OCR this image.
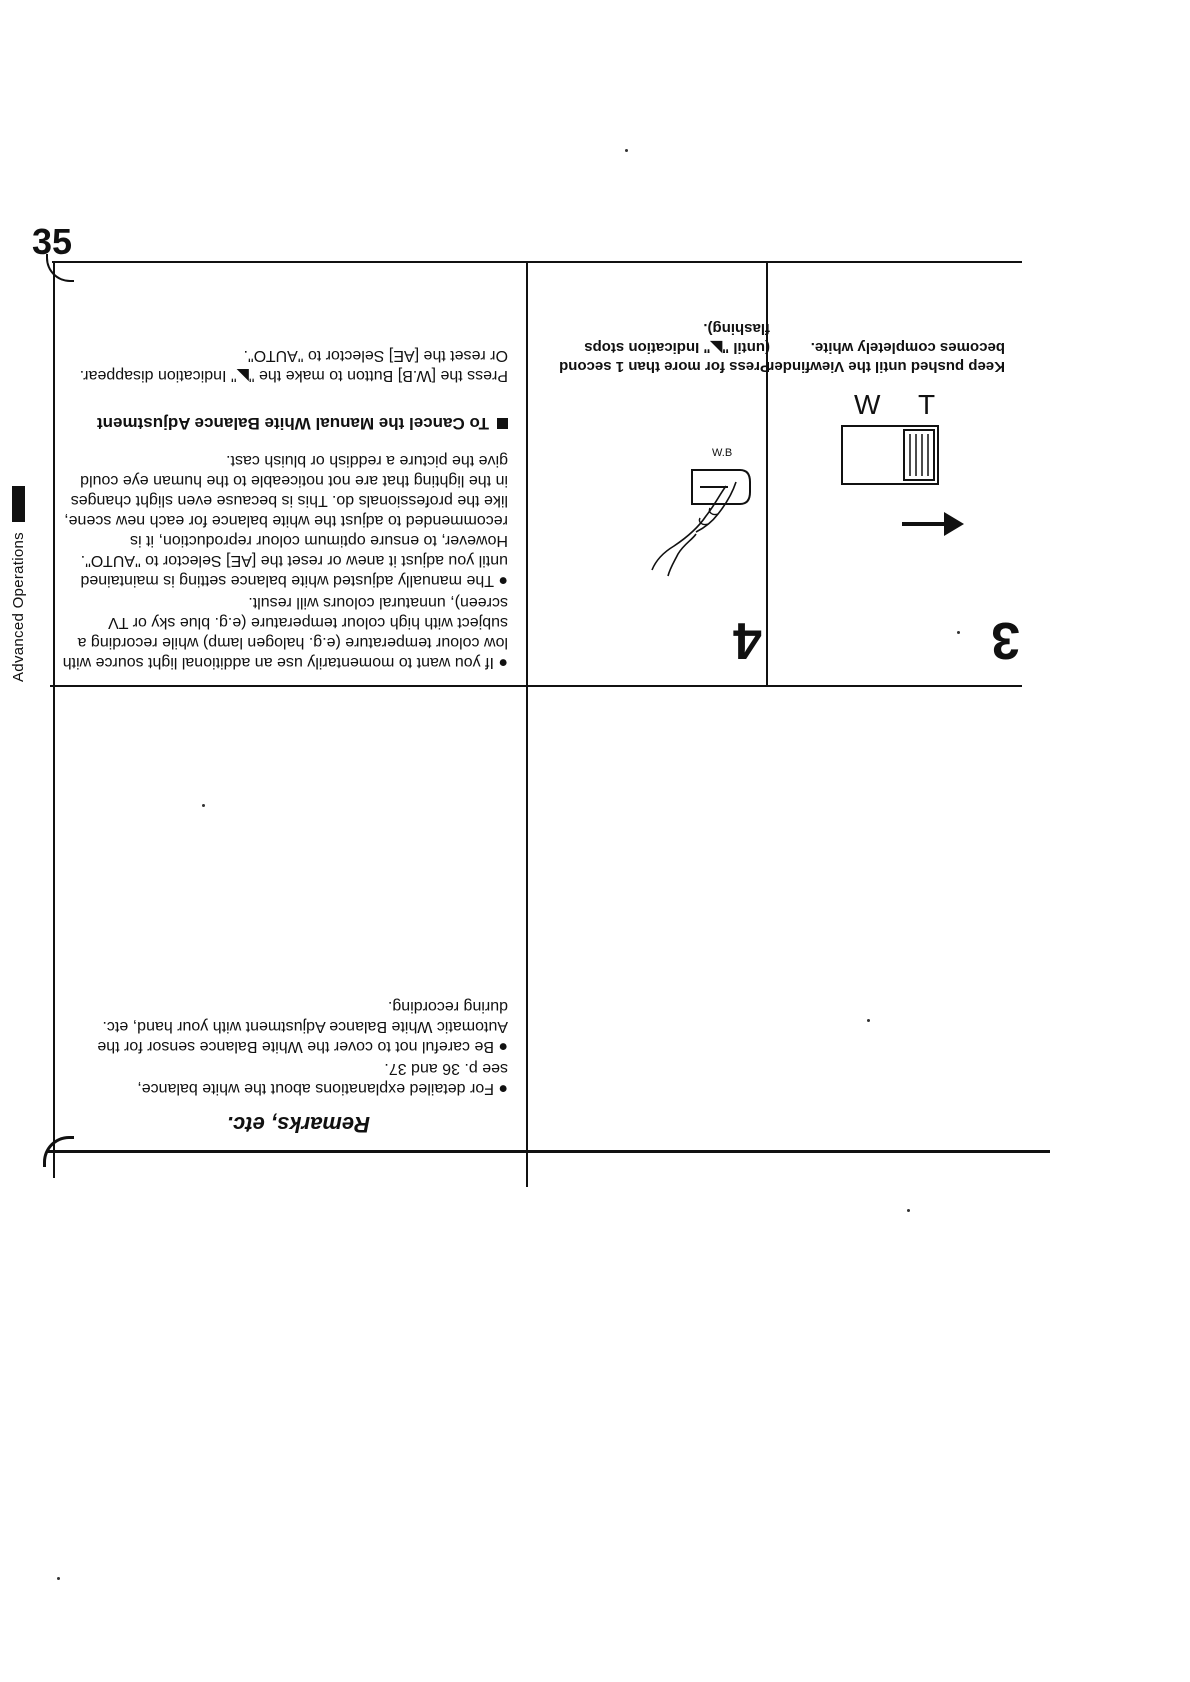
35
Advanced Operations
Remarks, etc.
●For detailed explanations about the white balance, see p. 36 and 37.
●Be careful not to cover the White Balance sensor for the Automatic White Balance Adjustment with your hand, etc. during recording.
●If you want to momentarily use an additional light source with low colour temperature (e.g. halogen lamp) while recording a subject with high colour temperature (e.g. blue sky or TV screen), unnatural colours will result.
●The manually adjusted white balance setting is maintained until you adjust it anew or reset the [AE] Selector to "AUTO". However, to ensure optimum colour reproduction, it is recommended to adjust the white balance for each new scene, like the professionals do. This is because even slight changes in the lighting that are not noticeable to the human eye could give the picture a reddish or bluish cast.
To Cancel the Manual White Balance Adjustment
Press the [W.B] Button to make the "◣" Indication disappear. Or reset the [AE] Selector to "AUTO".
3
Keep pushed until the Viewfinder becomes completely white.
W T
4
Press for more than 1 second (until "◣" Indication stops flashing).
W.B
